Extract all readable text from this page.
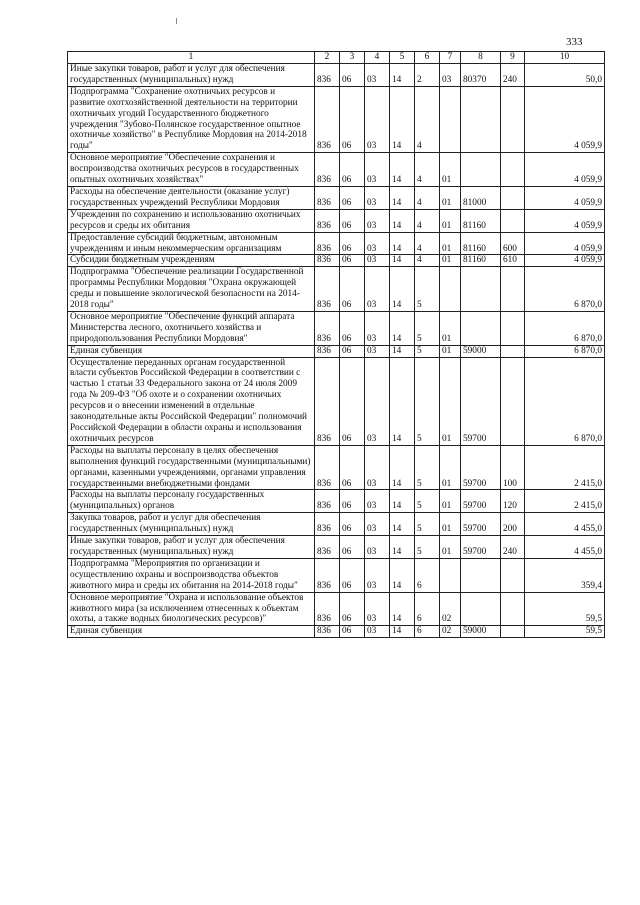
333
1	2	3	4	5	6	7	8	9	10
Иные закупки товаров, работ и услуг для обеспечения государственных (муниципальных) нужд	836	06	03	14	2	03	80370	240	50,0
Подпрограмма "Сохранение охотничьих ресурсов и развитие охотхозяйственной деятельности на территории охотничьих угодий Государственного бюджетного учреждения "Зубово-Полянское государственное опытное охотничье хозяйство" в Республике Мордовия на 2014-2018 годы"	836	06	03	14	4				4 059,9
Основное мероприятие "Обеспечение сохранения и воспроизводства охотничьих ресурсов в государственных опытных охотничьих хозяйствах"	836	06	03	14	4	01			4 059,9
Расходы на обеспечение деятельности (оказание услуг) государственных учреждений Республики Мордовия	836	06	03	14	4	01	81000		4 059,9
Учреждения по сохранению и использованию охотничьих ресурсов и среды их обитания	836	06	03	14	4	01	81160		4 059,9
Предоставление субсидий бюджетным, автономным учреждениям и иным некоммерческим организациям	836	06	03	14	4	01	81160	600	4 059,9
Субсидии бюджетным учреждениям	836	06	03	14	4	01	81160	610	4 059,9
Подпрограмма "Обеспечение реализации Государственной программы Республики Мордовия "Охрана окружающей среды и повышение экологической безопасности на 2014-2018 годы"	836	06	03	14	5				6 870,0
Основное мероприятие "Обеспечение функций аппарата Министерства лесного, охотничьего хозяйства и природопользования Республики Мордовия"	836	06	03	14	5	01			6 870,0
Единая субвенция	836	06	03	14	5	01	59000		6 870,0
Осуществление переданных органам государственной власти субъектов Российской Федерации в соответствии с частью 1 статьи 33 Федерального закона от 24 июля 2009 года № 209-ФЗ "Об охоте и о сохранении охотничьих ресурсов и о внесении изменений в отдельные законодательные акты Российской Федерации" полномочий Российской Федерации в области охраны и использования охотничьих ресурсов	836	06	03	14	5	01	59700		6 870,0
Расходы на выплаты персоналу в целях обеспечения выполнения функций государственными (муниципальными) органами, казенными учреждениями, органами управления государственными внебюджетными фондами	836	06	03	14	5	01	59700	100	2 415,0
Расходы на выплаты персоналу государственных (муниципальных) органов	836	06	03	14	5	01	59700	120	2 415,0
Закупка товаров, работ и услуг для обеспечения государственных (муниципальных) нужд	836	06	03	14	5	01	59700	200	4 455,0
Иные закупки товаров, работ и услуг для обеспечения государственных (муниципальных) нужд	836	06	03	14	5	01	59700	240	4 455,0
Подпрограмма "Мероприятия по организации и осуществлению охраны и воспроизводства объектов животного мира и среды их обитания на 2014-2018 годы"	836	06	03	14	6				359,4
Основное мероприятие "Охрана и использование объектов животного мира (за исключением отнесенных к объектам охоты, а также водных биологических ресурсов)"	836	06	03	14	6	02			59,5
Единая субвенция	836	06	03	14	6	02	59000		59,5
